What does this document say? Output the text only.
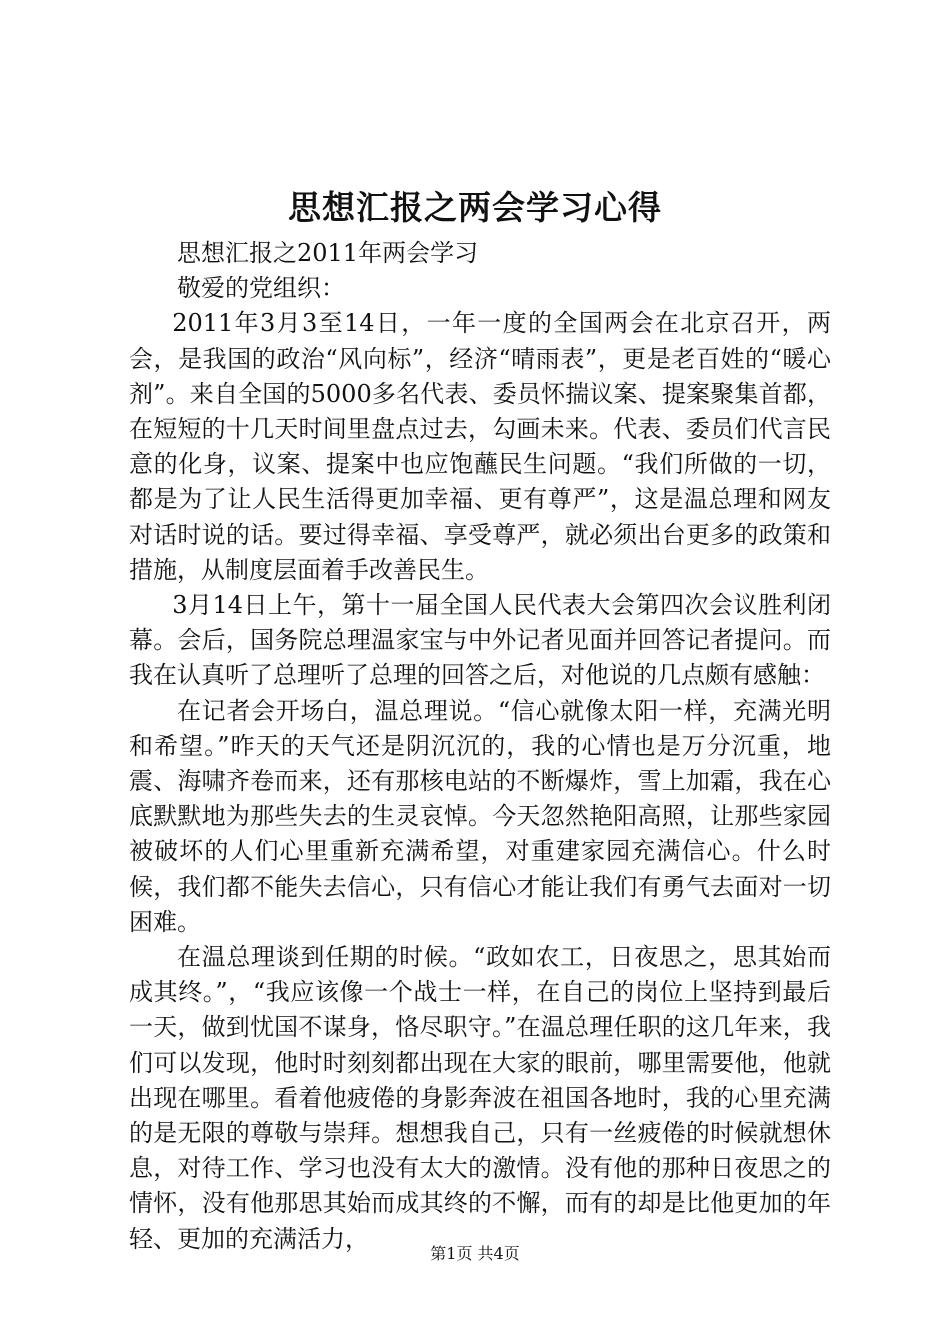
思想汇报之两会学习心得

思想汇报之2011年两会学习

敬爱的党组织：

2011年3月3至14日，一年一度的全国两会在北京召开，两会，是我国的政治“风向标”，经济“晴雨表”，更是老百姓的“暖心剂”。来自全国的5000多名代表、委员怀揣议案、提案聚集首都，在短短的十几天时间里盘点过去，勾画未来。代表、委员们代言民意的化身，议案、提案中也应饱蘸民生问题。“我们所做的一切，都是为了让人民生活得更加幸福、更有尊严”，这是温总理和网友对话时说的话。要过得幸福、享受尊严，就必须出台更多的政策和措施，从制度层面着手改善民生。

3月14日上午，第十一届全国人民代表大会第四次会议胜利闭幕。会后，国务院总理温家宝与中外记者见面并回答记者提问。而我在认真听了总理听了总理的回答之后，对他说的几点颇有感触：

在记者会开场白，温总理说。“信心就像太阳一样，充满光明和希望。”昨天的天气还是阴沉沉的，我的心情也是万分沉重，地震、海啸齐卷而来，还有那核电站的不断爆炸，雪上加霜，我在心底默默地为那些失去的生灵哀悼。今天忽然艳阳高照，让那些家园被破坏的人们心里重新充满希望，对重建家园充满信心。什么时候，我们都不能失去信心，只有信心才能让我们有勇气去面对一切困难。

在温总理谈到任期的时候。“政如农工，日夜思之，思其始而成其终。”，“我应该像一个战士一样，在自己的岗位上坚持到最后一天，做到忧国不谋身，恪尽职守。”在温总理任职的这几年来，我们可以发现，他时时刻刻都出现在大家的眼前，哪里需要他，他就出现在哪里。看着他疲倦的身影奔波在祖国各地时，我的心里充满的是无限的尊敬与崇拜。想想我自己，只有一丝疲倦的时候就想休息，对待工作、学习也没有太大的激情。没有他的那种日夜思之的情怀，没有他那思其始而成其终的不懈，而有的却是比他更加的年轻、更加的充满活力，

第1页 共4页
